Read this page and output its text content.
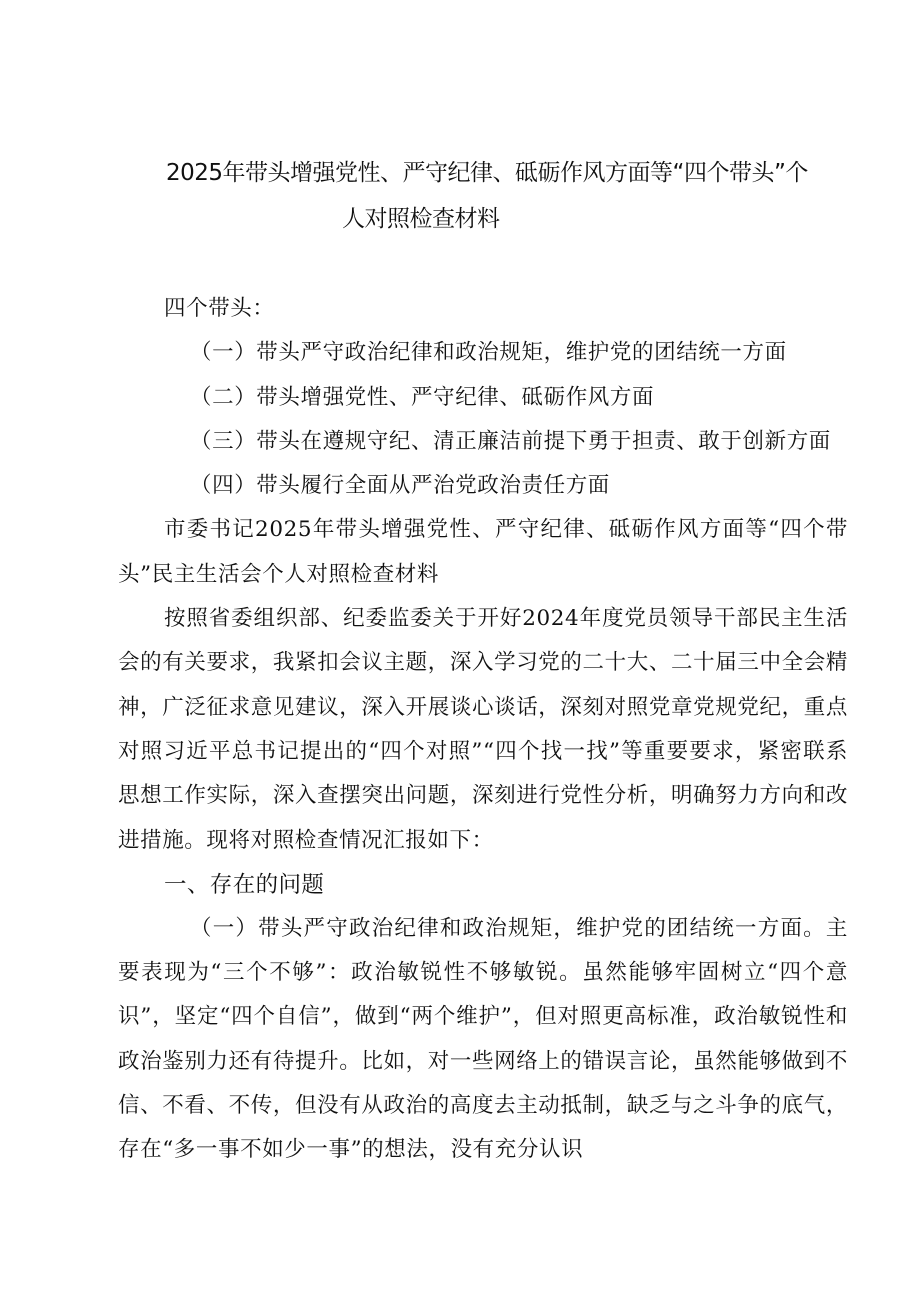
2025年带头增强党性、严守纪律、砥砺作风方面等“四个带头”个
人对照检查材料

四个带头：

（一）带头严守政治纪律和政治规矩，维护党的团结统一方面

（二）带头增强党性、严守纪律、砥砺作风方面

（三）带头在遵规守纪、清正廉洁前提下勇于担责、敢于创新方面

（四）带头履行全面从严治党政治责任方面

市委书记2025年带头增强党性、严守纪律、砥砺作风方面等“四个带头”民主生活会个人对照检查材料

按照省委组织部、纪委监委关于开好2024年度党员领导干部民主生活会的有关要求，我紧扣会议主题，深入学习党的二十大、二十届三中全会精神，广泛征求意见建议，深入开展谈心谈话，深刻对照党章党规党纪，重点对照习近平总书记提出的“四个对照”“四个找一找”等重要要求，紧密联系思想工作实际，深入查摆突出问题，深刻进行党性分析，明确努力方向和改进措施。现将对照检查情况汇报如下：

一、存在的问题

（一）带头严守政治纪律和政治规矩，维护党的团结统一方面。主要表现为“三个不够”：政治敏锐性不够敏锐。虽然能够牢固树立“四个意识”，坚定“四个自信”，做到“两个维护”，但对照更高标准，政治敏锐性和政治鉴别力还有待提升。比如，对一些网络上的错误言论，虽然能够做到不信、不看、不传，但没有从政治的高度去主动抵制，缺乏与之斗争的底气，存在“多一事不如少一事”的想法，没有充分认识
